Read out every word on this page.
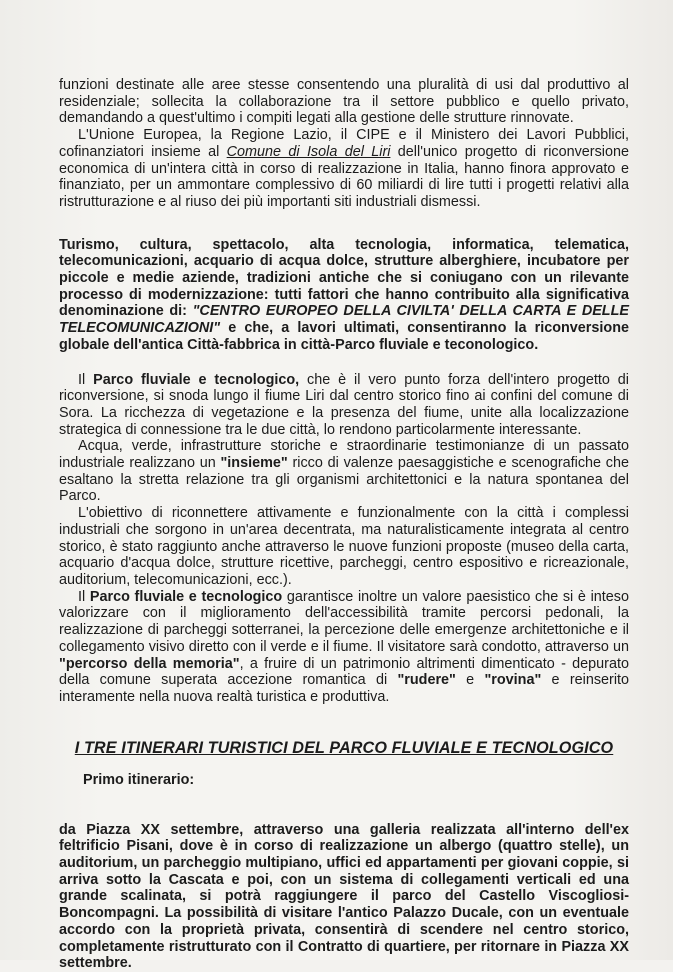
funzioni destinate alle aree stesse consentendo una pluralità di usi dal produttivo al residenziale; sollecita la collaborazione tra il settore pubblico e quello privato, demandando a quest'ultimo i compiti legati alla gestione delle strutture rinnovate.

L'Unione Europea, la Regione Lazio, il CIPE e il Ministero dei Lavori Pubblici, cofinanziatori insieme al Comune di Isola del Liri dell'unico progetto di riconversione economica di un'intera città in corso di realizzazione in Italia, hanno finora approvato e finanziato, per un ammontare complessivo di 60 miliardi di lire tutti i progetti relativi alla ristrutturazione e al riuso dei più importanti siti industriali dismessi.

Turismo, cultura, spettacolo, alta tecnologia, informatica, telematica, telecomunicazioni, acquario di acqua dolce, strutture alberghiere, incubatore per piccole e medie aziende, tradizioni antiche che si coniugano con un rilevante processo di modernizzazione: tutti fattori che hanno contribuito alla significativa denominazione di: "CENTRO EUROPEO DELLA CIVILTA' DELLA CARTA E DELLE TELECOMUNICAZIONI" e che, a lavori ultimati, consentiranno la riconversione globale dell'antica Città-fabbrica in città-Parco fluviale e teconologico.

Il Parco fluviale e tecnologico, che è il vero punto forza dell'intero progetto di riconversione, si snoda lungo il fiume Liri dal centro storico fino ai confini del comune di Sora. La ricchezza di vegetazione e la presenza del fiume, unite alla localizzazione strategica di connessione tra le due città, lo rendono particolarmente interessante.

Acqua, verde, infrastrutture storiche e straordinarie testimonianze di un passato industriale realizzano un "insieme" ricco di valenze paesaggistiche e scenografiche che esaltano la stretta relazione tra gli organismi architettonici e la natura spontanea del Parco.

L'obiettivo di riconnettere attivamente e funzionalmente con la città i complessi industriali che sorgono in un'area decentrata, ma naturalisticamente integrata al centro storico, è stato raggiunto anche attraverso le nuove funzioni proposte (museo della carta, acquario d'acqua dolce, strutture ricettive, parcheggi, centro espositivo e ricreazionale, auditorium, telecomunicazioni, ecc.).

Il Parco fluviale e tecnologico garantisce inoltre un valore paesistico che si è inteso valorizzare con il miglioramento dell'accessibilità tramite percorsi pedonali, la realizzazione di parcheggi sotterranei, la percezione delle emergenze architettoniche e il collegamento visivo diretto con il verde e il fiume. Il visitatore sarà condotto, attraverso un "percorso della memoria", a fruire di un patrimonio altrimenti dimenticato - depurato della comune superata accezione romantica di "rudere" e "rovina" e reinserito interamente nella nuova realtà turistica e produttiva.

I TRE ITINERARI TURISTICI DEL PARCO FLUVIALE E TECNOLOGICO
Primo itinerario:

da Piazza XX settembre, attraverso una galleria realizzata all'interno dell'ex feltrificio Pisani, dove è in corso di realizzazione un albergo (quattro stelle), un auditorium, un parcheggio multipiano, uffici ed appartamenti per giovani coppie, si arriva sotto la Cascata e poi, con un sistema di collegamenti verticali ed una grande scalinata, si potrà raggiungere il parco del Castello Viscogliosi-Boncompagni. La possibilità di visitare l'antico Palazzo Ducale, con un eventuale accordo con la proprietà privata, consentirà di scendere nel centro storico, completamente ristrutturato con il Contratto di quartiere, per ritornare in Piazza XX settembre.
